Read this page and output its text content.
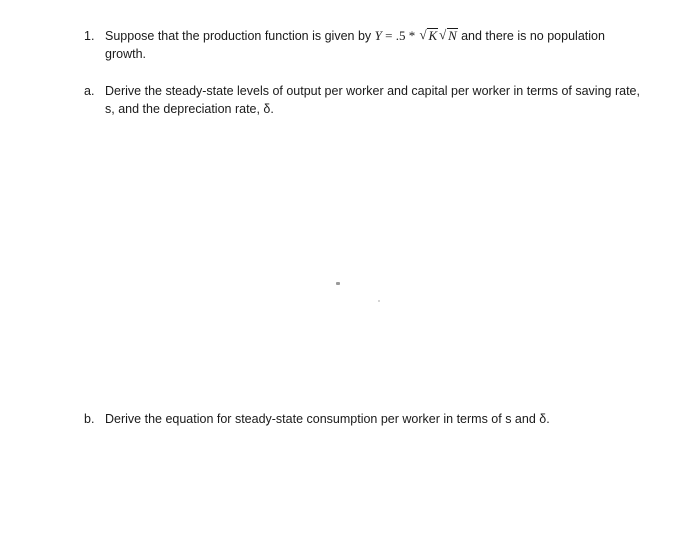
1. Suppose that the production function is given by Y = .5 * √ K √ N and there is no population
growth.
a. Derive the steady-state levels of output per worker and capital per worker in terms of saving rate, s, and the depreciation rate, δ.
b. Derive the equation for steady-state consumption per worker in terms of s and δ.
